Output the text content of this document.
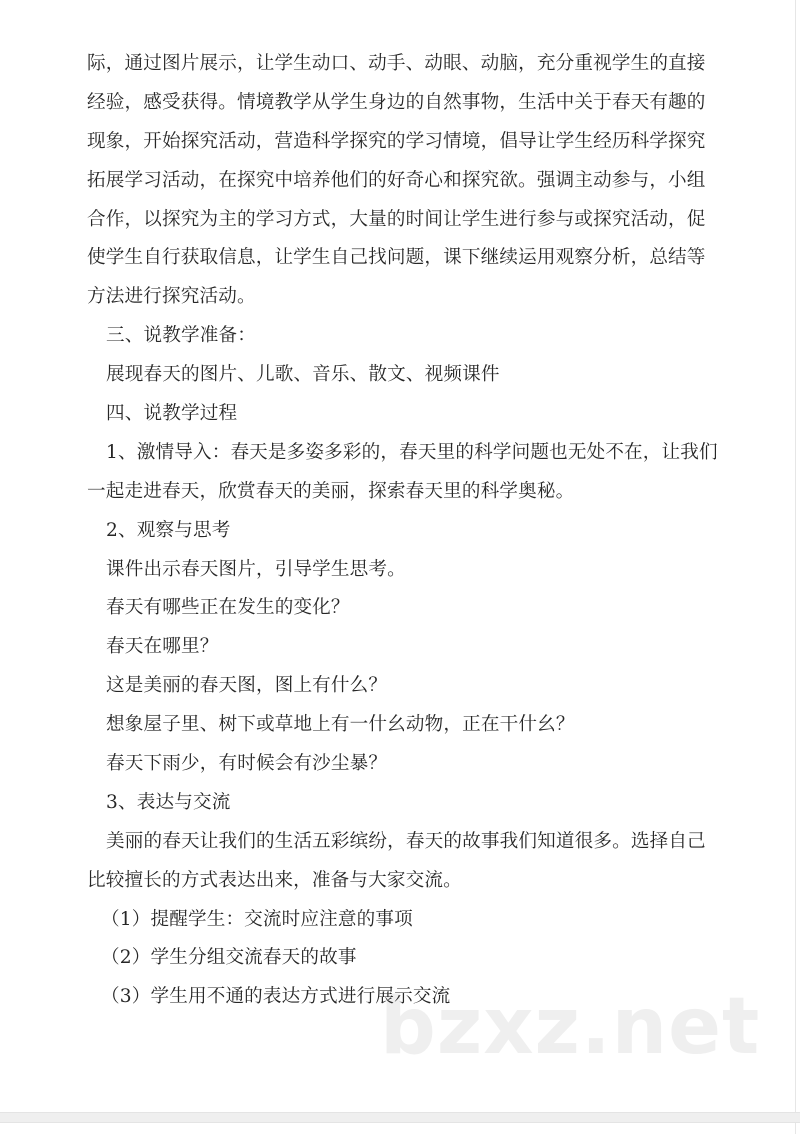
bzxz.net
际，通过图片展示，让学生动口、动手、动眼、动脑，充分重视学生的直接
经验，感受获得。情境教学从学生身边的自然事物，生活中关于春天有趣的
现象，开始探究活动，营造科学探究的学习情境，倡导让学生经历科学探究
拓展学习活动，在探究中培养他们的好奇心和探究欲。强调主动参与，小组
合作，以探究为主的学习方式，大量的时间让学生进行参与或探究活动，促
使学生自行获取信息，让学生自己找问题，课下继续运用观察分析，总结等
方法进行探究活动。
三、说教学准备：
展现春天的图片、儿歌、音乐、散文、视频课件
四、说教学过程
1、激情导入：春天是多姿多彩的，春天里的科学问题也无处不在，让我们
一起走进春天，欣赏春天的美丽，探索春天里的科学奥秘。
2、观察与思考
课件出示春天图片，引导学生思考。
春天有哪些正在发生的变化？
春天在哪里？
这是美丽的春天图，图上有什么？
想象屋子里、树下或草地上有一什幺动物，正在干什幺？
春天下雨少，有时候会有沙尘暴？
3、表达与交流
美丽的春天让我们的生活五彩缤纷，春天的故事我们知道很多。选择自己
比较擅长的方式表达出来，准备与大家交流。
（1）提醒学生：交流时应注意的事项
（2）学生分组交流春天的故事
（3）学生用不通的表达方式进行展示交流
